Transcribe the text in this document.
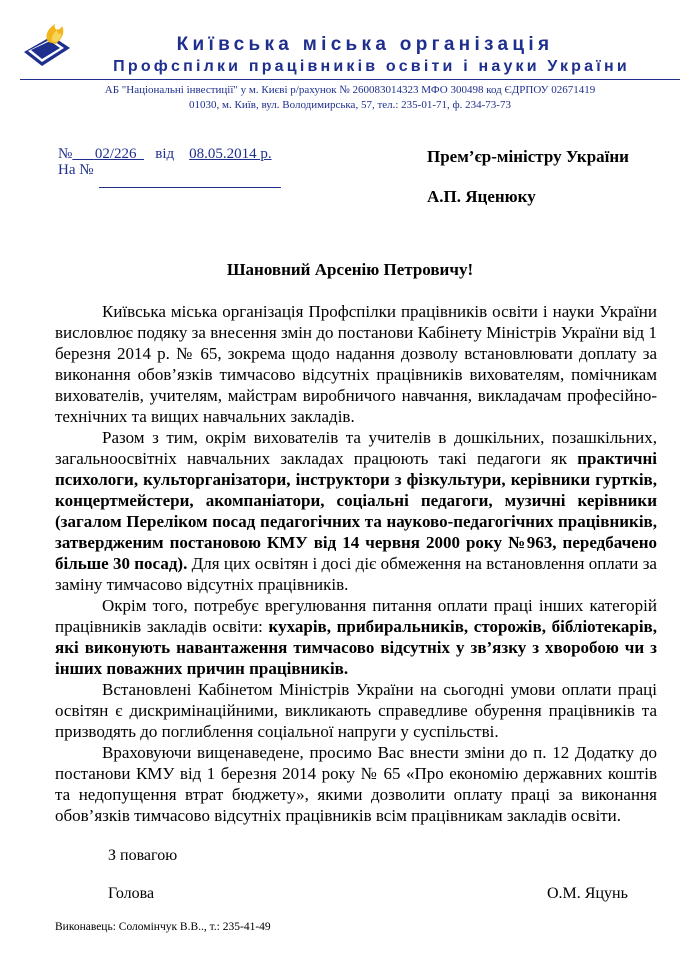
Київська міська організація
Профспілки працівників освіти і науки України
АБ "Національні інвестиції" у м. Києві р/рахунок № 260083014323 МФО 300498 код ЄДРПОУ 02671419
01030, м. Київ, вул. Володимирська, 57, тел.: 235-01-71, ф. 234-73-73
№ 02/226 від 08.05.2014 р.
На №
Прем’єр-міністру України
А.П. Яценюку
Шановний Арсенію Петровичу!

Київська міська організація Профспілки працівників освіти і науки України висловлює подяку за внесення змін до постанови Кабінету Міністрів України від 1 березня 2014 р. № 65, зокрема щодо надання дозволу встановлювати доплату за виконання обов’язків тимчасово відсутніх працівників вихователям, помічникам вихователів, учителям, майстрам виробничого навчання, викладачам професійно-технічних та вищих навчальних закладів.

Разом з тим, окрім вихователів та учителів в дошкільних, позашкільних, загальноосвітніх навчальних закладах працюють такі педагоги як практичні психологи, культорганізатори, інструктори з фізкультури, керівники гуртків, концертмейстери, акомпаніатори, соціальні педагоги, музичні керівники (загалом Переліком посад педагогічних та науково-педагогічних працівників, затвердженим постановою КМУ від 14 червня 2000 року №963, передбачено більше 30 посад). Для цих освітян і досі діє обмеження на встановлення оплати за заміну тимчасово відсутніх працівників.

Окрім того, потребує врегулювання питання оплати праці інших категорій працівників закладів освіти: кухарів, прибиральників, сторожів, бібліотекарів, які виконують навантаження тимчасово відсутніх у зв’язку з хворобою чи з інших поважних причин працівників.

Встановлені Кабінетом Міністрів України на сьогодні умови оплати праці освітян є дискримінаційними, викликають справедливе обурення працівників та призводять до поглиблення соціальної напруги у суспільстві.

Враховуючи вищенаведене, просимо Вас внести зміни до п. 12 Додатку до постанови КМУ від 1 березня 2014 року № 65 «Про економію державних коштів та недопущення втрат бюджету», якими дозволити оплату праці за виконання обов’язків тимчасово відсутніх працівників всім працівникам закладів освіти.

З повагою
Голова	О.М. Яцунь
Виконавець: Соломінчук В.В.., т.: 235-41-49
